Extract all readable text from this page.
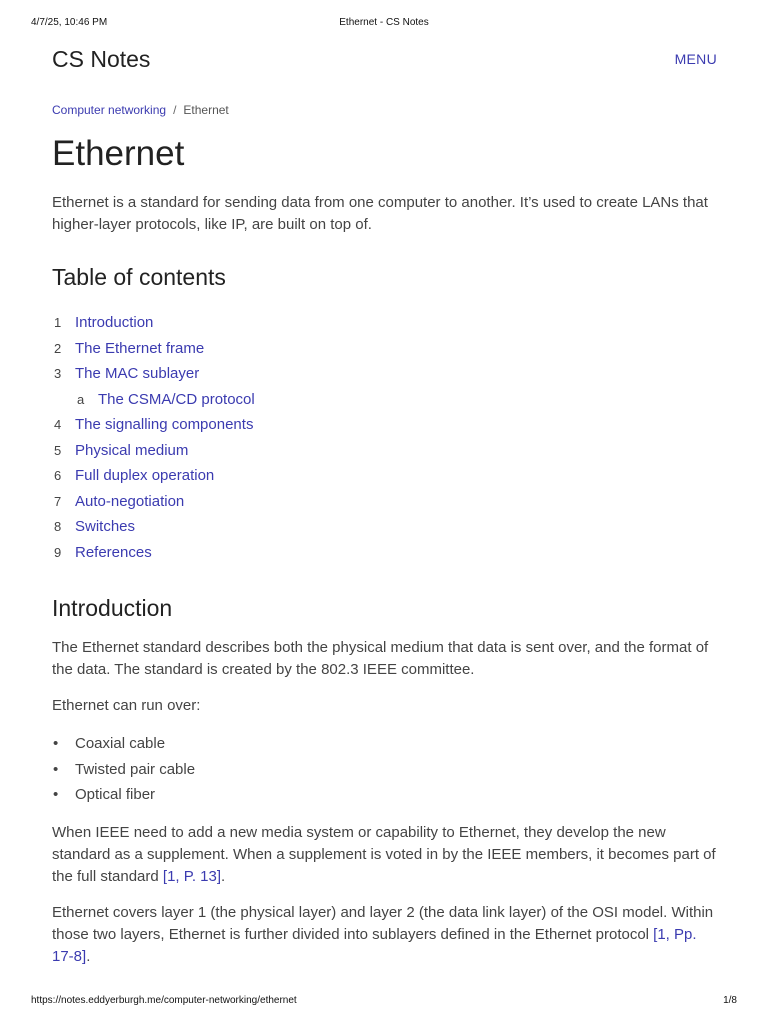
4/7/25, 10:46 PM	Ethernet - CS Notes
CS Notes	MENU
Computer networking / Ethernet
Ethernet

Ethernet is a standard for sending data from one computer to another. It’s used to create LANs that higher-layer protocols, like IP, are built on top of.

Table of contents
1 Introduction
2 The Ethernet frame
3 The MAC sublayer
a The CSMA/CD protocol
4 The signalling components
5 Physical medium
6 Full duplex operation
7 Auto-negotiation
8 Switches
9 References
Introduction

The Ethernet standard describes both the physical medium that data is sent over, and the format of the data. The standard is created by the 802.3 IEEE committee.

Ethernet can run over:

• Coaxial cable
• Twisted pair cable
• Optical fiber

When IEEE need to add a new media system or capability to Ethernet, they develop the new standard as a supplement. When a supplement is voted in by the IEEE members, it becomes part of the full standard [1, P. 13].

Ethernet covers layer 1 (the physical layer) and layer 2 (the data link layer) of the OSI model. Within those two layers, Ethernet is further divided into sublayers defined in the Ethernet protocol [1, Pp. 17-8].

https://notes.eddyerburgh.me/computer-networking/ethernet	1/8
